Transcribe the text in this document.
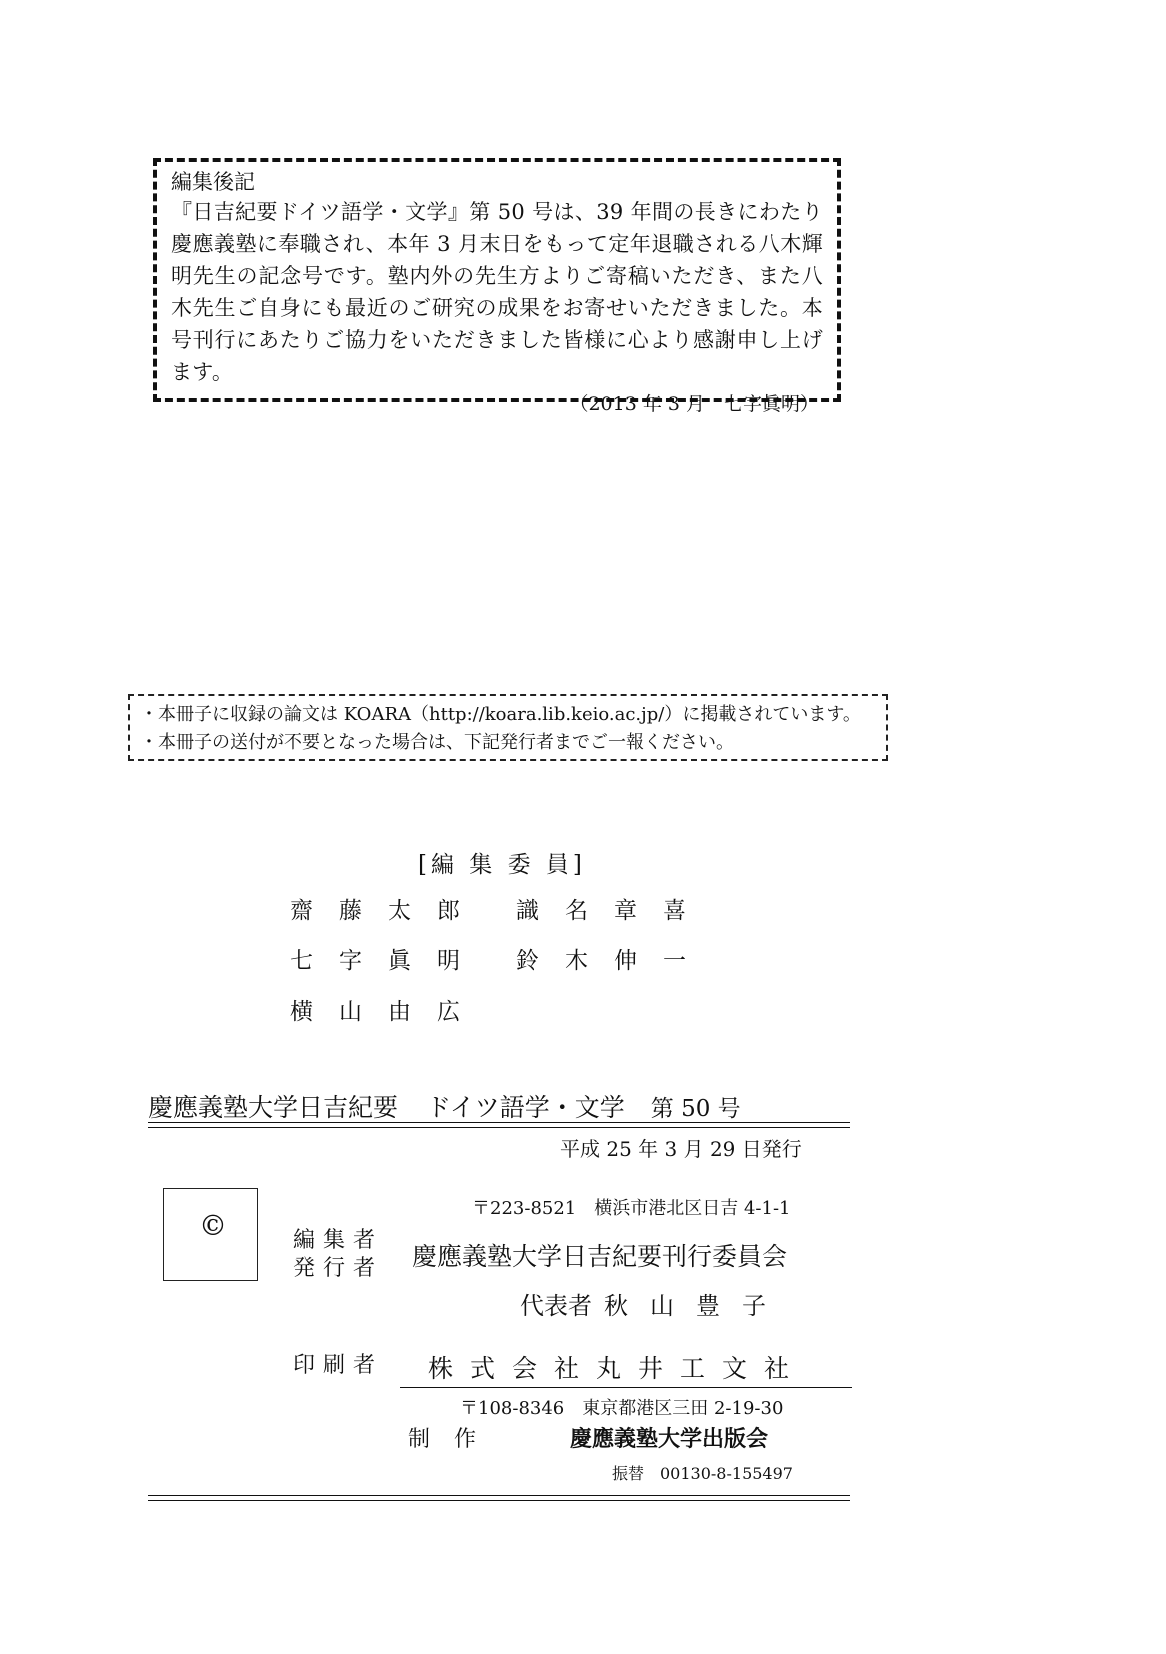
編集後記
『日吉紀要ドイツ語学・文学』第 50 号は、39 年間の長きにわたり慶應義塾に奉職され、本年 3 月末日をもって定年退職される八木輝明先生の記念号です。塾内外の先生方よりご寄稿いただき、また八木先生ご自身にも最近のご研究の成果をお寄せいただきました。本号刊行にあたりご協力をいただきました皆様に心より感謝申し上げます。
（2013 年 3 月　七字眞明）
・本冊子に収録の論文は KOARA（http://koara.lib.keio.ac.jp/）に掲載されています。
・本冊子の送付が不要となった場合は、下記発行者までご一報ください。
[編 集 委 員]
齋藤太郎 識名章喜
七字眞明 鈴木伸一
横山由広
慶應義塾大学日吉紀要 ドイツ語学・文学 第 50 号
平成 25 年 3 月 29 日発行
©
〒223-8521　横浜市港北区日吉 4-1-1
編集者
発行者 慶應義塾大学日吉紀要刊行委員会
代表者 秋山豊子
印刷者 株式会社丸井工文社
〒108-8346　東京都港区三田 2-19-30
制作	慶應義塾大学出版会
振替　00130-8-155497
